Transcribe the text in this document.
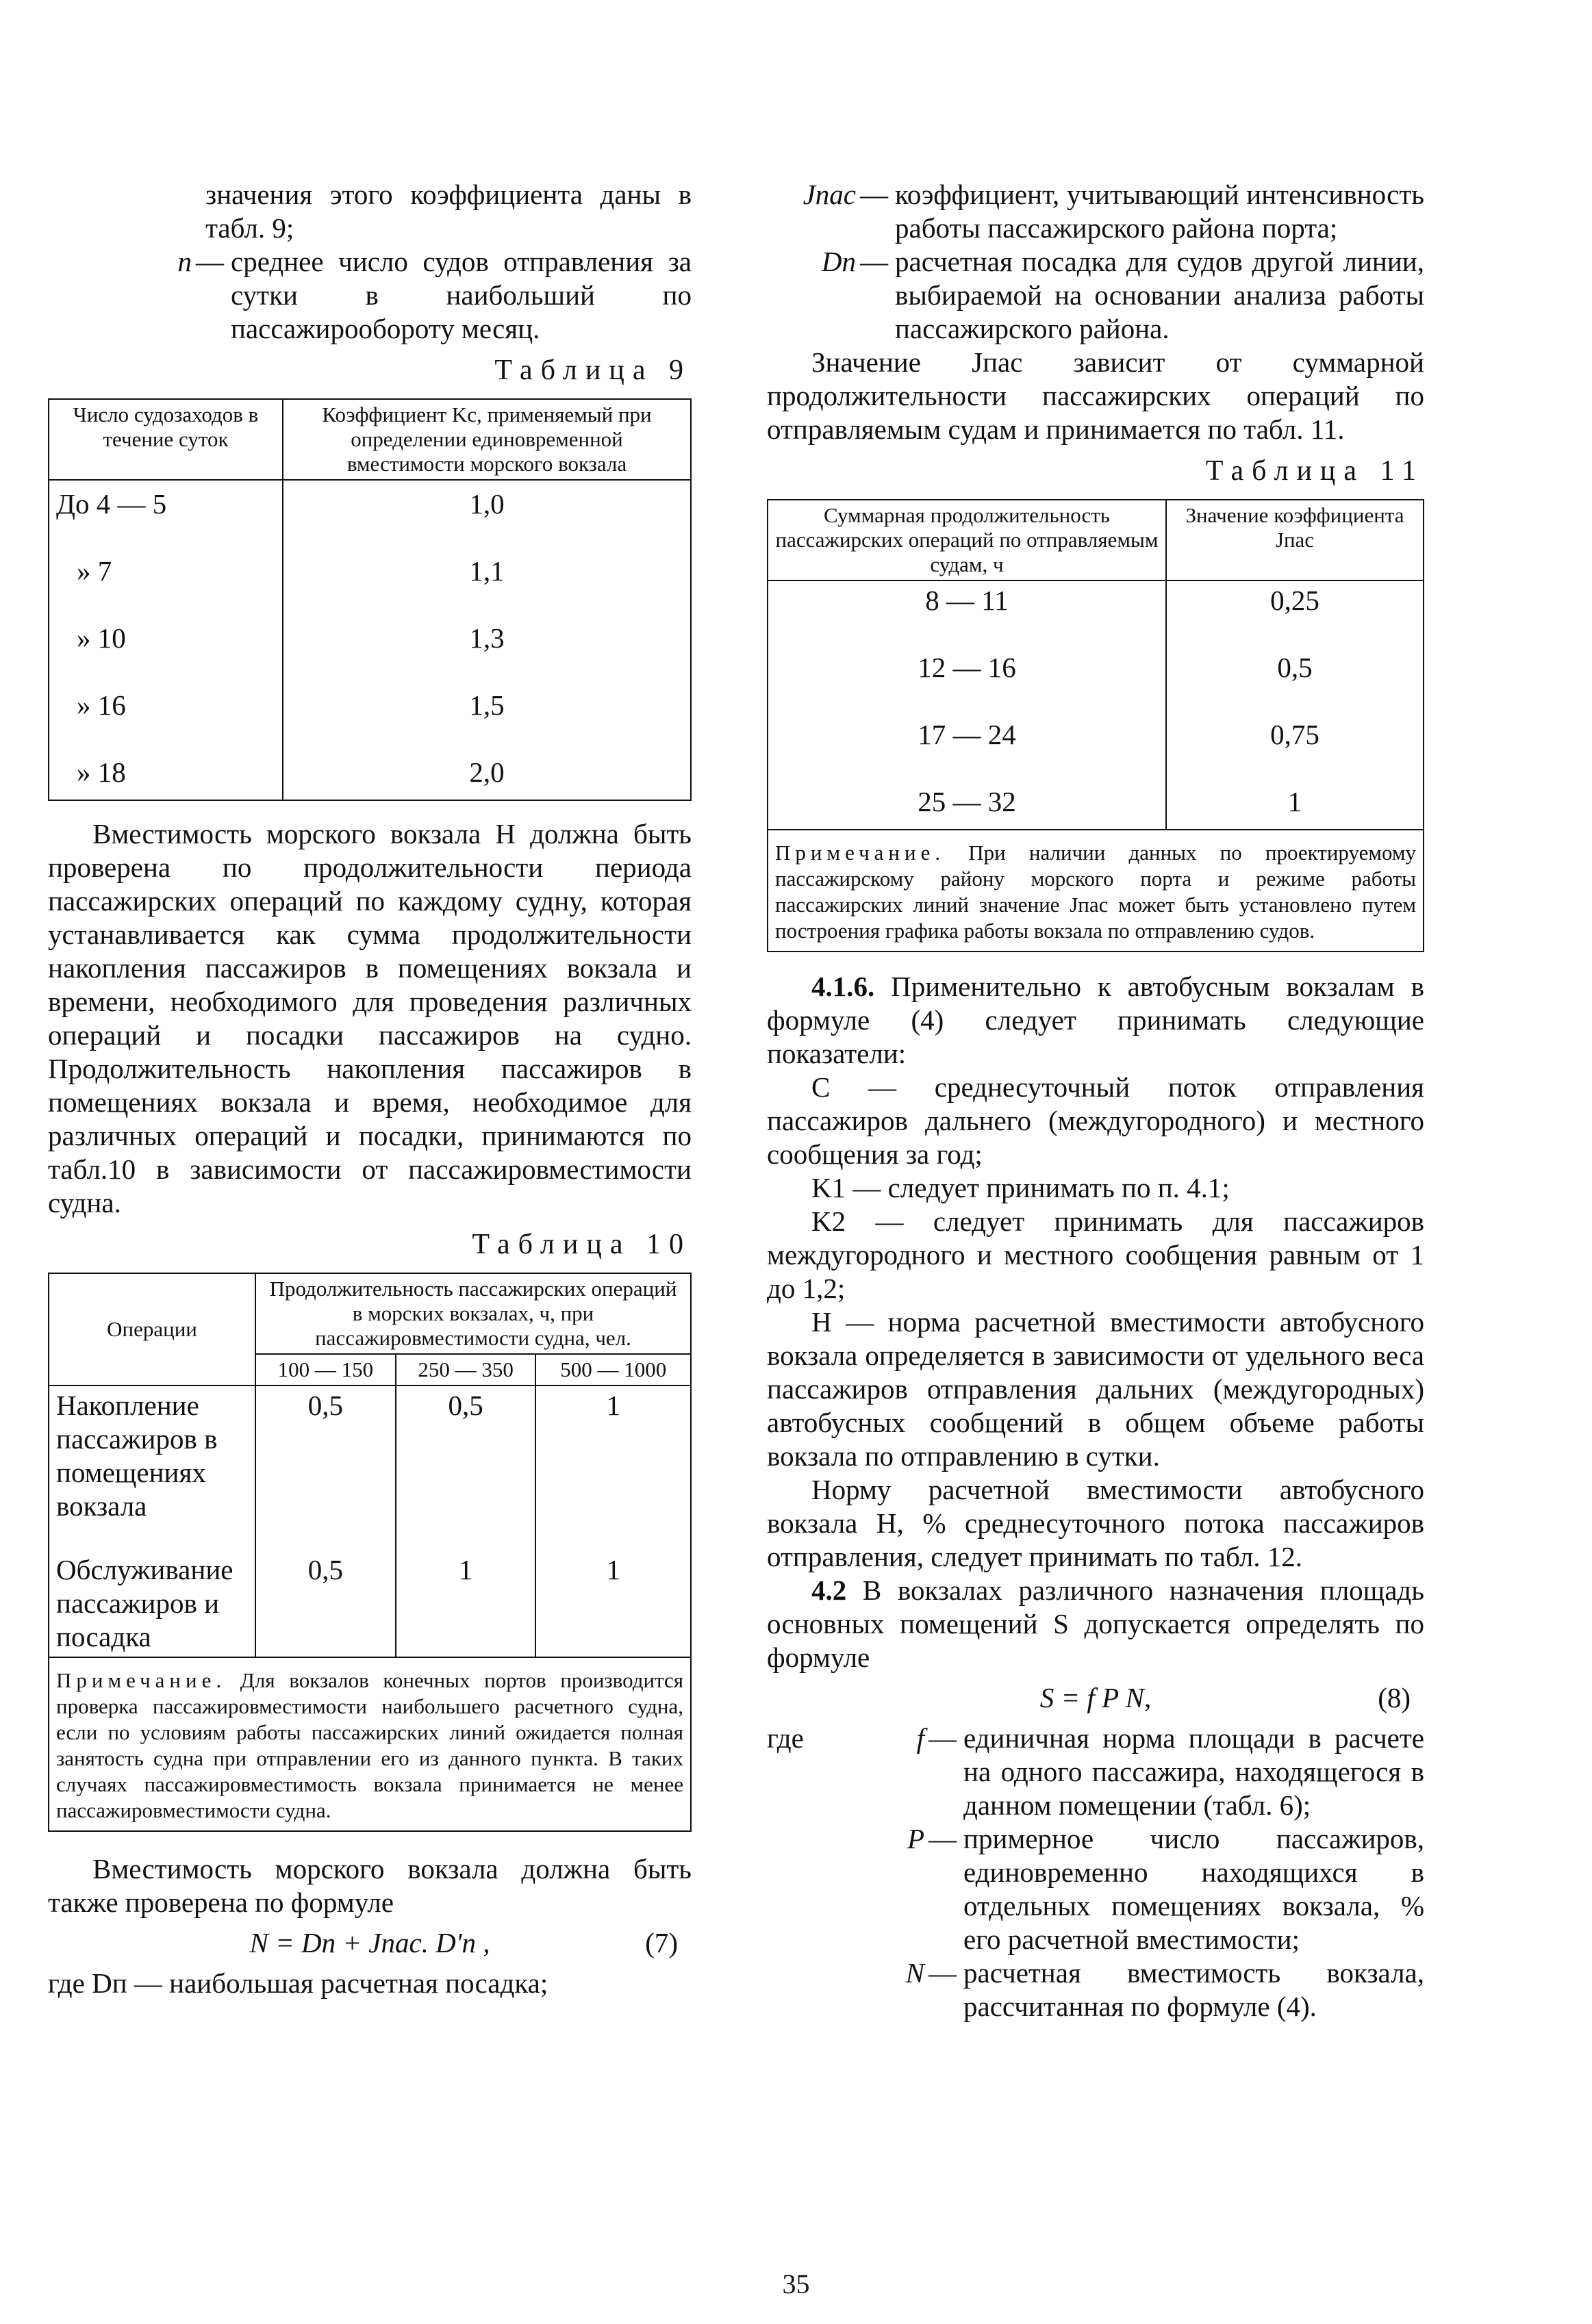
значения этого коэффициента даны в табл. 9;

n — среднее число судов отправления за сутки в наибольший по пассажирообороту месяц.
Таблица 9
Число судозаходов в течение суток	Коэффициент Kс, применяемый при определении единовременной вместимости морского вокзала
До 4 — 5	1,0
» 7	1,1
» 10	1,3
» 16	1,5
» 18	2,0

Вместимость морского вокзала Н должна быть проверена по продолжительности периода пассажирских операций по каждому судну, которая устанавливается как сумма продолжительности накопления пассажиров в помещениях вокзала и времени, необходимого для проведения различных операций и посадки пассажиров на судно. Продолжительность накопления пассажиров в помещениях вокзала и время, необходимое для различных операций и посадки, принимаются по табл.10 в зависимости от пассажировместимости судна.

Таблица 10
Операции	Продолжительность пассажирских операций в морских вокзалах, ч, при пассажировместимости судна, чел.		
	100 — 150	250 — 350	500 — 1000
Накопление пассажиров в помещениях вокзала	0,5	0,5	1
Обслуживание пассажиров и посадка	0,5	1	1
Примечание. Для вокзалов конечных портов производится проверка пассажировместимости наибольшего расчетного судна, если по условиям работы пассажирских линий ожидается полная занятость судна при отправлении его из данного пункта. В таких случаях пассажировместимость вокзала принимается не менее пассажировместимости судна.			

Вместимость морского вокзала должна быть также проверена по формуле

N = Dп + Jпас. D'п ,	(7)

где Dп — наибольшая расчетная посадка;

Jпас — коэффициент, учитывающий интенсивность работы пассажирского района порта;
Dп — расчетная посадка для судов другой линии, выбираемой на основании анализа работы пассажирского района.

Значение Jпас зависит от суммарной продолжительности пассажирских операций по отправляемым судам и принимается по табл. 11.

Таблица 11
Суммарная продолжительность пассажирских операций по отправляемым судам, ч	Значение коэффициента Jпас
8 — 11	0,25
12 — 16	0,5
17 — 24	0,75
25 — 32	1
Примечание. При наличии данных по проектируемому пассажирскому району морского порта и режиме работы пассажирских линий значение Jпас может быть установлено путем построения графика работы вокзала по отправлению судов.	

4.1.6. Применительно к автобусным вокзалам в формуле (4) следует принимать следующие показатели:

С — среднесуточный поток отправления пассажиров дальнего (междугородного) и местного сообщения за год;

K1 — следует принимать по п. 4.1;

K2 — следует принимать для пассажиров междугородного и местного сообщения равным от 1 до 1,2;

Н — норма расчетной вместимости автобусного вокзала определяется в зависимости от удельного веса пассажиров отправления дальних (междугородных) автобусных сообщений в общем объеме работы вокзала по отправлению в сутки.

Норму расчетной вместимости автобусного вокзала Н, % среднесуточного потока пассажиров отправления, следует принимать по табл. 12.

4.2 В вокзалах различного назначения площадь основных помещений S допускается определять по формуле

S = f P N,	(8)
где	f — единичная норма площади в расчете на одного пассажира, находящегося в данном помещении (табл. 6);
P — примерное число пассажиров, единовременно находящихся в отдельных помещениях вокзала, % его расчетной вместимости;
N — расчетная вместимость вокзала, рассчитанная по формуле (4).
35
